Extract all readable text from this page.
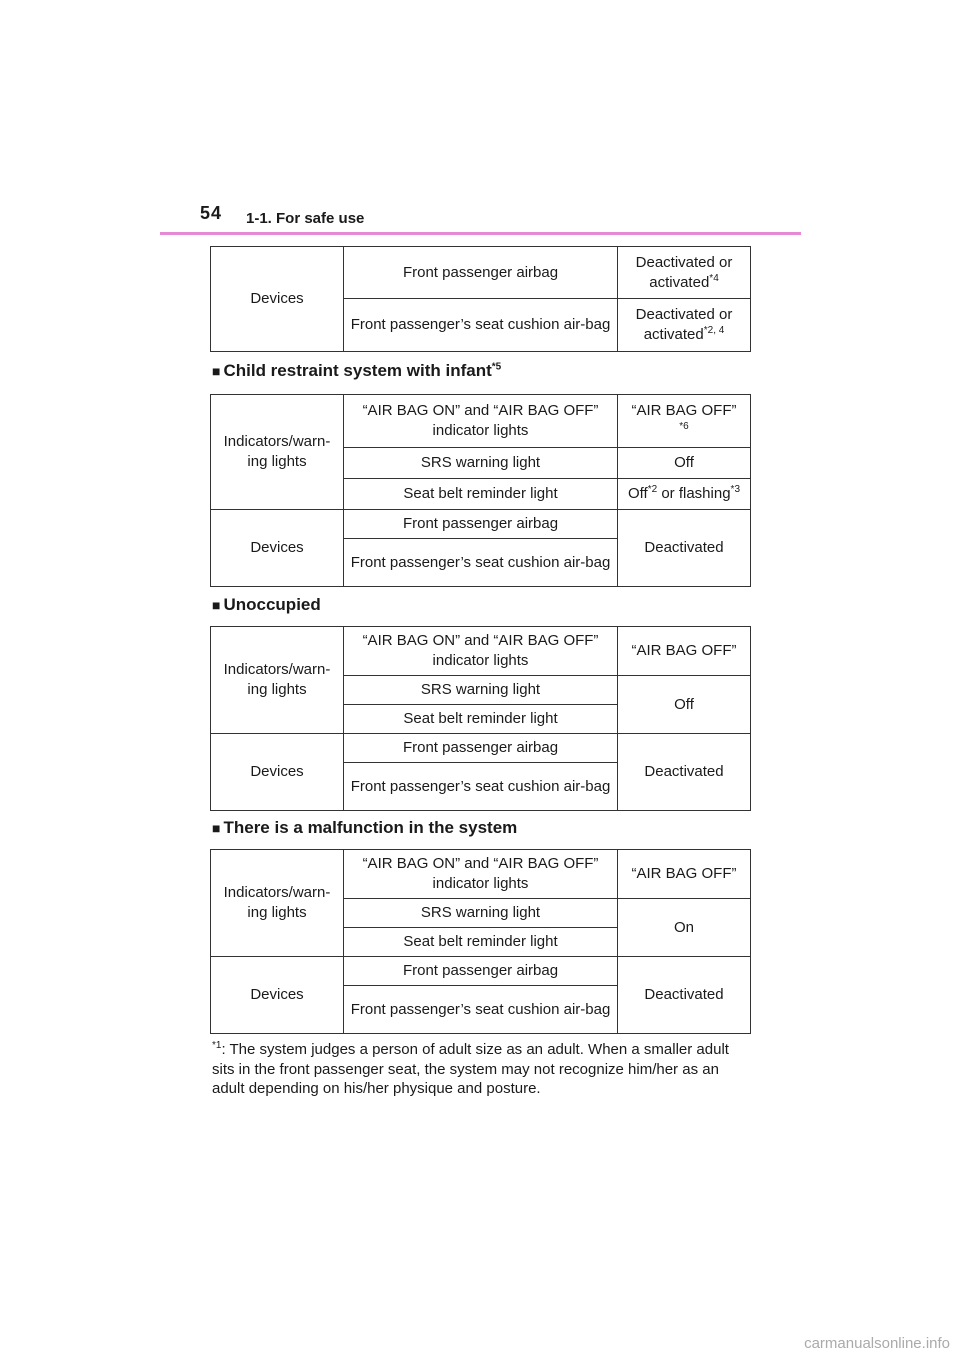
54 1-1. For safe use
Devices	Front passenger airbag	Deactivated or activated$^{*4}$
	Front passenger’s seat cushion air-bag	Deactivated or activated$^{*2, 4}$
■ Child restraint system with infant$^{*5}$
Indicators/warn-ing lights	“AIR BAG ON” and “AIR BAG OFF” indicator lights	“AIR BAG OFF”
$^{*6}$
	SRS warning light	Off
	Seat belt reminder light	Off$^{*2}$ or flashing$^{*3}$
Devices	Front passenger airbag	Deactivated
	Front passenger’s seat cushion air-bag	
■ Unoccupied
Indicators/warn-ing lights	“AIR BAG ON” and “AIR BAG OFF” indicator lights	“AIR BAG OFF”
	SRS warning light	Off
	Seat belt reminder light	
Devices	Front passenger airbag	Deactivated
	Front passenger’s seat cushion air-bag	
■ There is a malfunction in the system
Indicators/warn-ing lights	“AIR BAG ON” and “AIR BAG OFF” indicator lights	“AIR BAG OFF”
	SRS warning light	On
	Seat belt reminder light	
Devices	Front passenger airbag	Deactivated
	Front passenger’s seat cushion air-bag	
$^{*1}$: The system judges a person of adult size as an adult. When a smaller adult sits in the front passenger seat, the system may not recognize him/her as an adult depending on his/her physique and posture.
carmanualsonline.info
